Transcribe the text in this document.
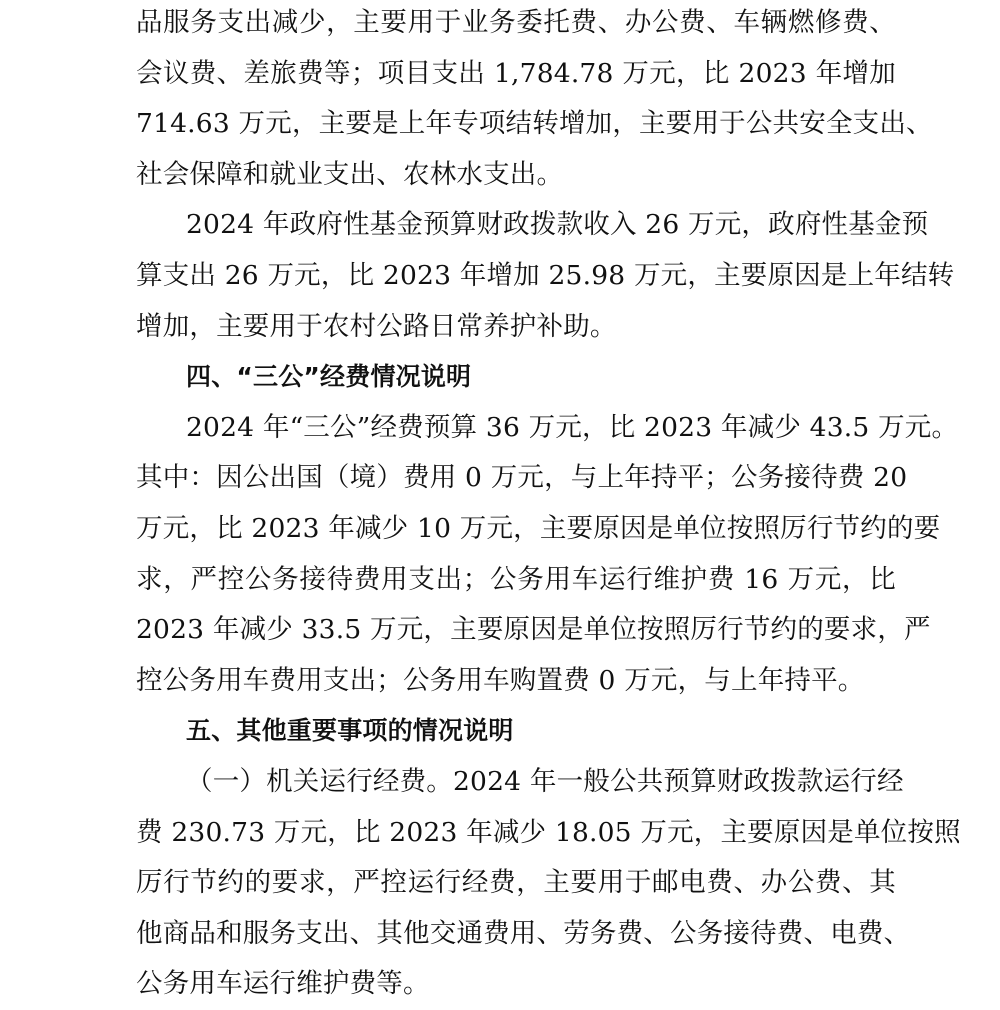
品服务支出减少，主要用于业务委托费、办公费、车辆燃修费、
会议费、差旅费等；项目支出 1,784.78 万元，比 2023 年增加
714.63 万元，主要是上年专项结转增加，主要用于公共安全支出、
社会保障和就业支出、农林水支出。
2024 年政府性基金预算财政拨款收入 26 万元，政府性基金预
算支出 26 万元，比 2023 年增加 25.98 万元，主要原因是上年结转
增加，主要用于农村公路日常养护补助。
四、“三公”经费情况说明
2024 年“三公”经费预算 36 万元，比 2023 年减少 43.5 万元。
其中：因公出国（境）费用 0 万元，与上年持平；公务接待费 20
万元，比 2023 年减少 10 万元，主要原因是单位按照厉行节约的要
求，严控公务接待费用支出；公务用车运行维护费 16 万元，比
2023 年减少 33.5 万元，主要原因是单位按照厉行节约的要求，严
控公务用车费用支出；公务用车购置费 0 万元，与上年持平。
五、其他重要事项的情况说明
（一）机关运行经费。2024 年一般公共预算财政拨款运行经
费 230.73 万元，比 2023 年减少 18.05 万元，主要原因是单位按照
厉行节约的要求，严控运行经费，主要用于邮电费、办公费、其
他商品和服务支出、其他交通费用、劳务费、公务接待费、电费、
公务用车运行维护费等。
